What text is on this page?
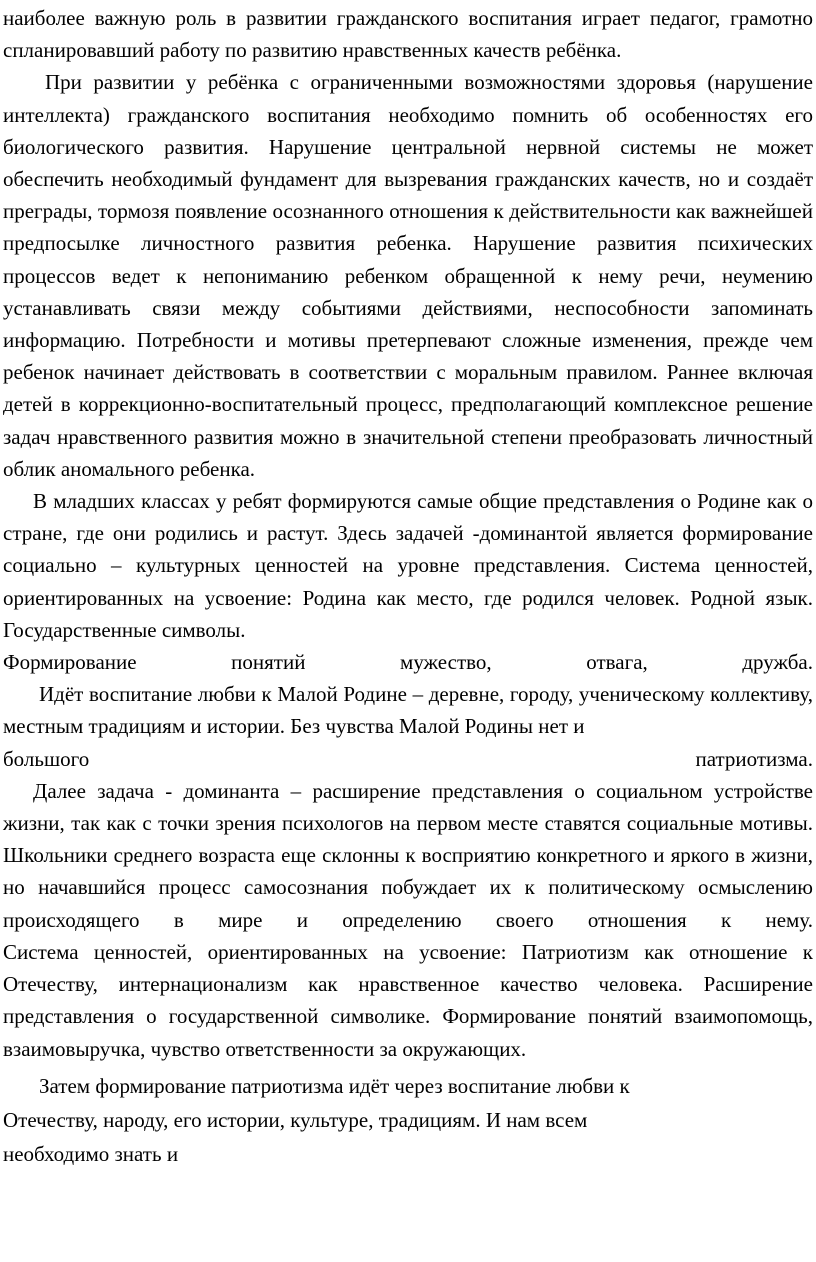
наиболее важную роль в развитии гражданского воспитания играет педагог, грамотно спланировавший работу по развитию нравственных качеств ребёнка.

При развитии у ребёнка с ограниченными возможностями здоровья (нарушение интеллекта) гражданского воспитания необходимо помнить об особенностях его биологического развития. Нарушение центральной нервной системы не может обеспечить необходимый фундамент для вызревания гражданских качеств, но и создаёт преграды, тормозя появление осознанного отношения к действительности как важнейшей предпосылке личностного развития ребенка. Нарушение развития психических процессов ведет к непониманию ребенком обращенной к нему речи, неумению устанавливать связи между событиями действиями, неспособности запоминать информацию. Потребности и мотивы претерпевают сложные изменения, прежде чем ребенок начинает действовать в соответствии с моральным правилом. Раннее включая детей в коррекционно-воспитательный процесс, предполагающий комплексное решение задач нравственного развития можно в значительной степени преобразовать личностный облик аномального ребенка.

В младших классах у ребят формируются самые общие представления о Родине как о стране, где они родились и растут. Здесь задачей -доминантой является формирование социально – культурных ценностей на уровне представления. Система ценностей, ориентированных на усвоение: Родина как место, где родился человек. Родной язык. Государственные символы.
Формирование понятий мужество, отвага, дружба.
Идёт воспитание любви к Малой Родине – деревне, городу, ученическому коллективу, местным традициям и истории. Без чувства Малой Родины нет и
большого патриотизма.
Далее задача - доминанта – расширение представления о социальном устройстве жизни, так как с точки зрения психологов на первом месте ставятся социальные мотивы. Школьники среднего возраста еще склонны к восприятию конкретного и яркого в жизни, но начавшийся процесс самосознания побуждает их к политическому осмыслению происходящего в мире и определению своего отношения к нему.
Система ценностей, ориентированных на усвоение: Патриотизм как отношение к Отечеству, интернационализм как нравственное качество человека. Расширение представления о государственной символике. Формирование понятий взаимопомощь, взаимовыручка, чувство ответственности за окружающих.
Затем формирование патриотизма идёт через воспитание любви к
Отечеству, народу, его истории, культуре, традициям. И нам всем
необходимо знать и
